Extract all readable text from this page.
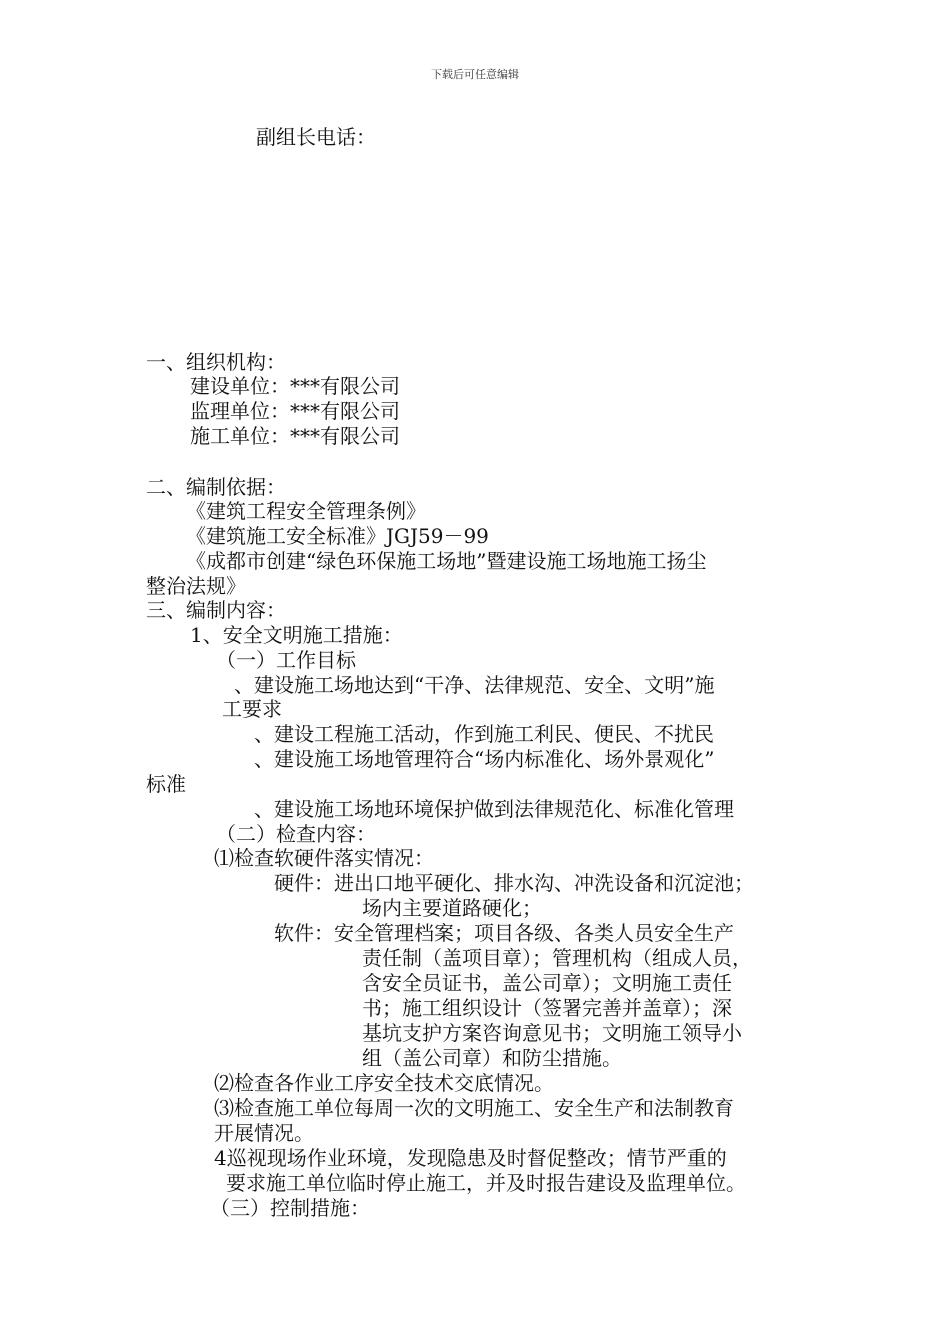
下载后可任意编辑
副组长电话：
一、组织机构：
建设单位：***有限公司
监理单位：***有限公司
施工单位：***有限公司
二、编制依据：
《建筑工程安全管理条例》
《建筑施工安全标准》JGJ59－99
《成都市创建“绿色环保施工场地”暨建设施工场地施工扬尘
整治法规》
三、编制内容：
1、安全文明施工措施：
（一）工作目标
、建设施工场地达到“干净、法律规范、安全、文明”施
工要求
、建设工程施工活动，作到施工利民、便民、不扰民
、建设施工场地管理符合“场内标准化、场外景观化”
标准
、建设施工场地环境保护做到法律规范化、标准化管理
（二）检查内容：
⑴检查软硬件落实情况：
硬件：进出口地平硬化、排水沟、冲洗设备和沉淀池；
场内主要道路硬化；
软件：安全管理档案；项目各级、各类人员安全生产
责任制（盖项目章）；管理机构（组成人员，
含安全员证书，盖公司章）；文明施工责任
书；施工组织设计（签署完善并盖章）；深
基坑支护方案咨询意见书；文明施工领导小
组（盖公司章）和防尘措施。
⑵检查各作业工序安全技术交底情况。
⑶检查施工单位每周一次的文明施工、安全生产和法制教育
开展情况。
4巡视现场作业环境，发现隐患及时督促整改；情节严重的
要求施工单位临时停止施工，并及时报告建设及监理单位。
（三）控制措施：
